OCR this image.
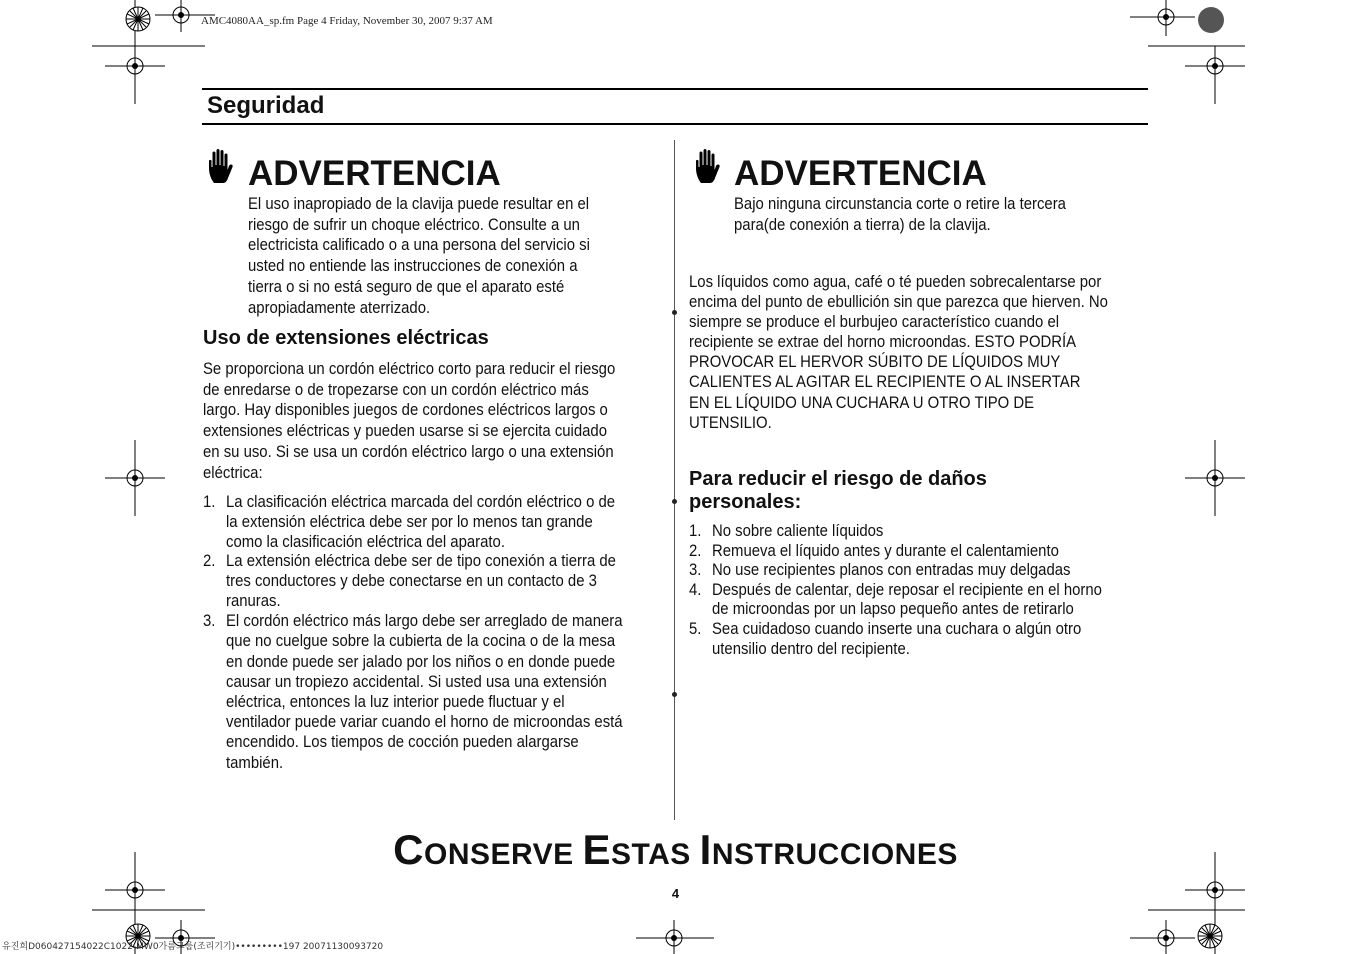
AMC4080AA_sp.fm Page 4 Friday, November 30, 2007 9:37 AM
Seguridad
ADVERTENCIA
El uso inapropiado de la clavija puede resultar en el
riesgo de sufrir un choque eléctrico. Consulte a un
electricista calificado o a una persona del servicio si
usted no entiende las instrucciones de conexión a
tierra o si no está seguro de que el aparato esté
apropiadamente aterrizado.
Uso de extensiones eléctricas
Se proporciona un cordón eléctrico corto para reducir el riesgo
de enredarse o de tropezarse con un cordón eléctrico más
largo. Hay disponibles juegos de cordones eléctricos largos o
extensiones eléctricas y pueden usarse si se ejercita cuidado
en su uso. Si se usa un cordón eléctrico largo o una extensión
eléctrica:
1. La clasificación eléctrica marcada del cordón eléctrico o de
la extensión eléctrica debe ser por lo menos tan grande
como la clasificación eléctrica del aparato.
2. La extensión eléctrica debe ser de tipo conexión a tierra de
tres conductores y debe conectarse en un contacto de 3
ranuras.
3. El cordón eléctrico más largo debe ser arreglado de manera
que no cuelgue sobre la cubierta de la cocina o de la mesa
en donde puede ser jalado por los niños o en donde puede
causar un tropiezo accidental. Si usted usa una extensión
eléctrica, entonces la luz interior puede fluctuar y el
ventilador puede variar cuando el horno de microondas está
encendido. Los tiempos de cocción pueden alargarse
también.
ADVERTENCIA
Bajo ninguna circunstancia corte o retire la tercera
para(de conexión a tierra) de la clavija.
Los líquidos como agua, café o té pueden sobrecalentarse por
encima del punto de ebullición sin que parezca que hierven. No
siempre se produce el burbujeo característico cuando el
recipiente se extrae del horno microondas. ESTO PODRÍA
PROVOCAR EL HERVOR SÚBITO DE LÍQUIDOS MUY
CALIENTES AL AGITAR EL RECIPIENTE O AL INSERTAR
EN EL LÍQUIDO UNA CUCHARA U OTRO TIPO DE
UTENSILIO.
Para reducir el riesgo de daños
personales:
1. No sobre caliente líquidos
2. Remueva el líquido antes y durante el calentamiento
3. No use recipientes planos con entradas muy delgadas
4. Después de calentar, deje reposar el recipiente en el horno
de microondas por un lapso pequeño antes de retirarlo
5. Sea cuidadoso cuando inserte una cuchara o algún otro
utensilio dentro del recipiente.
CONSERVE ESTAS INSTRUCCIONES
4
유진희D060427154022C1022-MW0가름그룹(조리기기)•••••••••197 20071130093720
